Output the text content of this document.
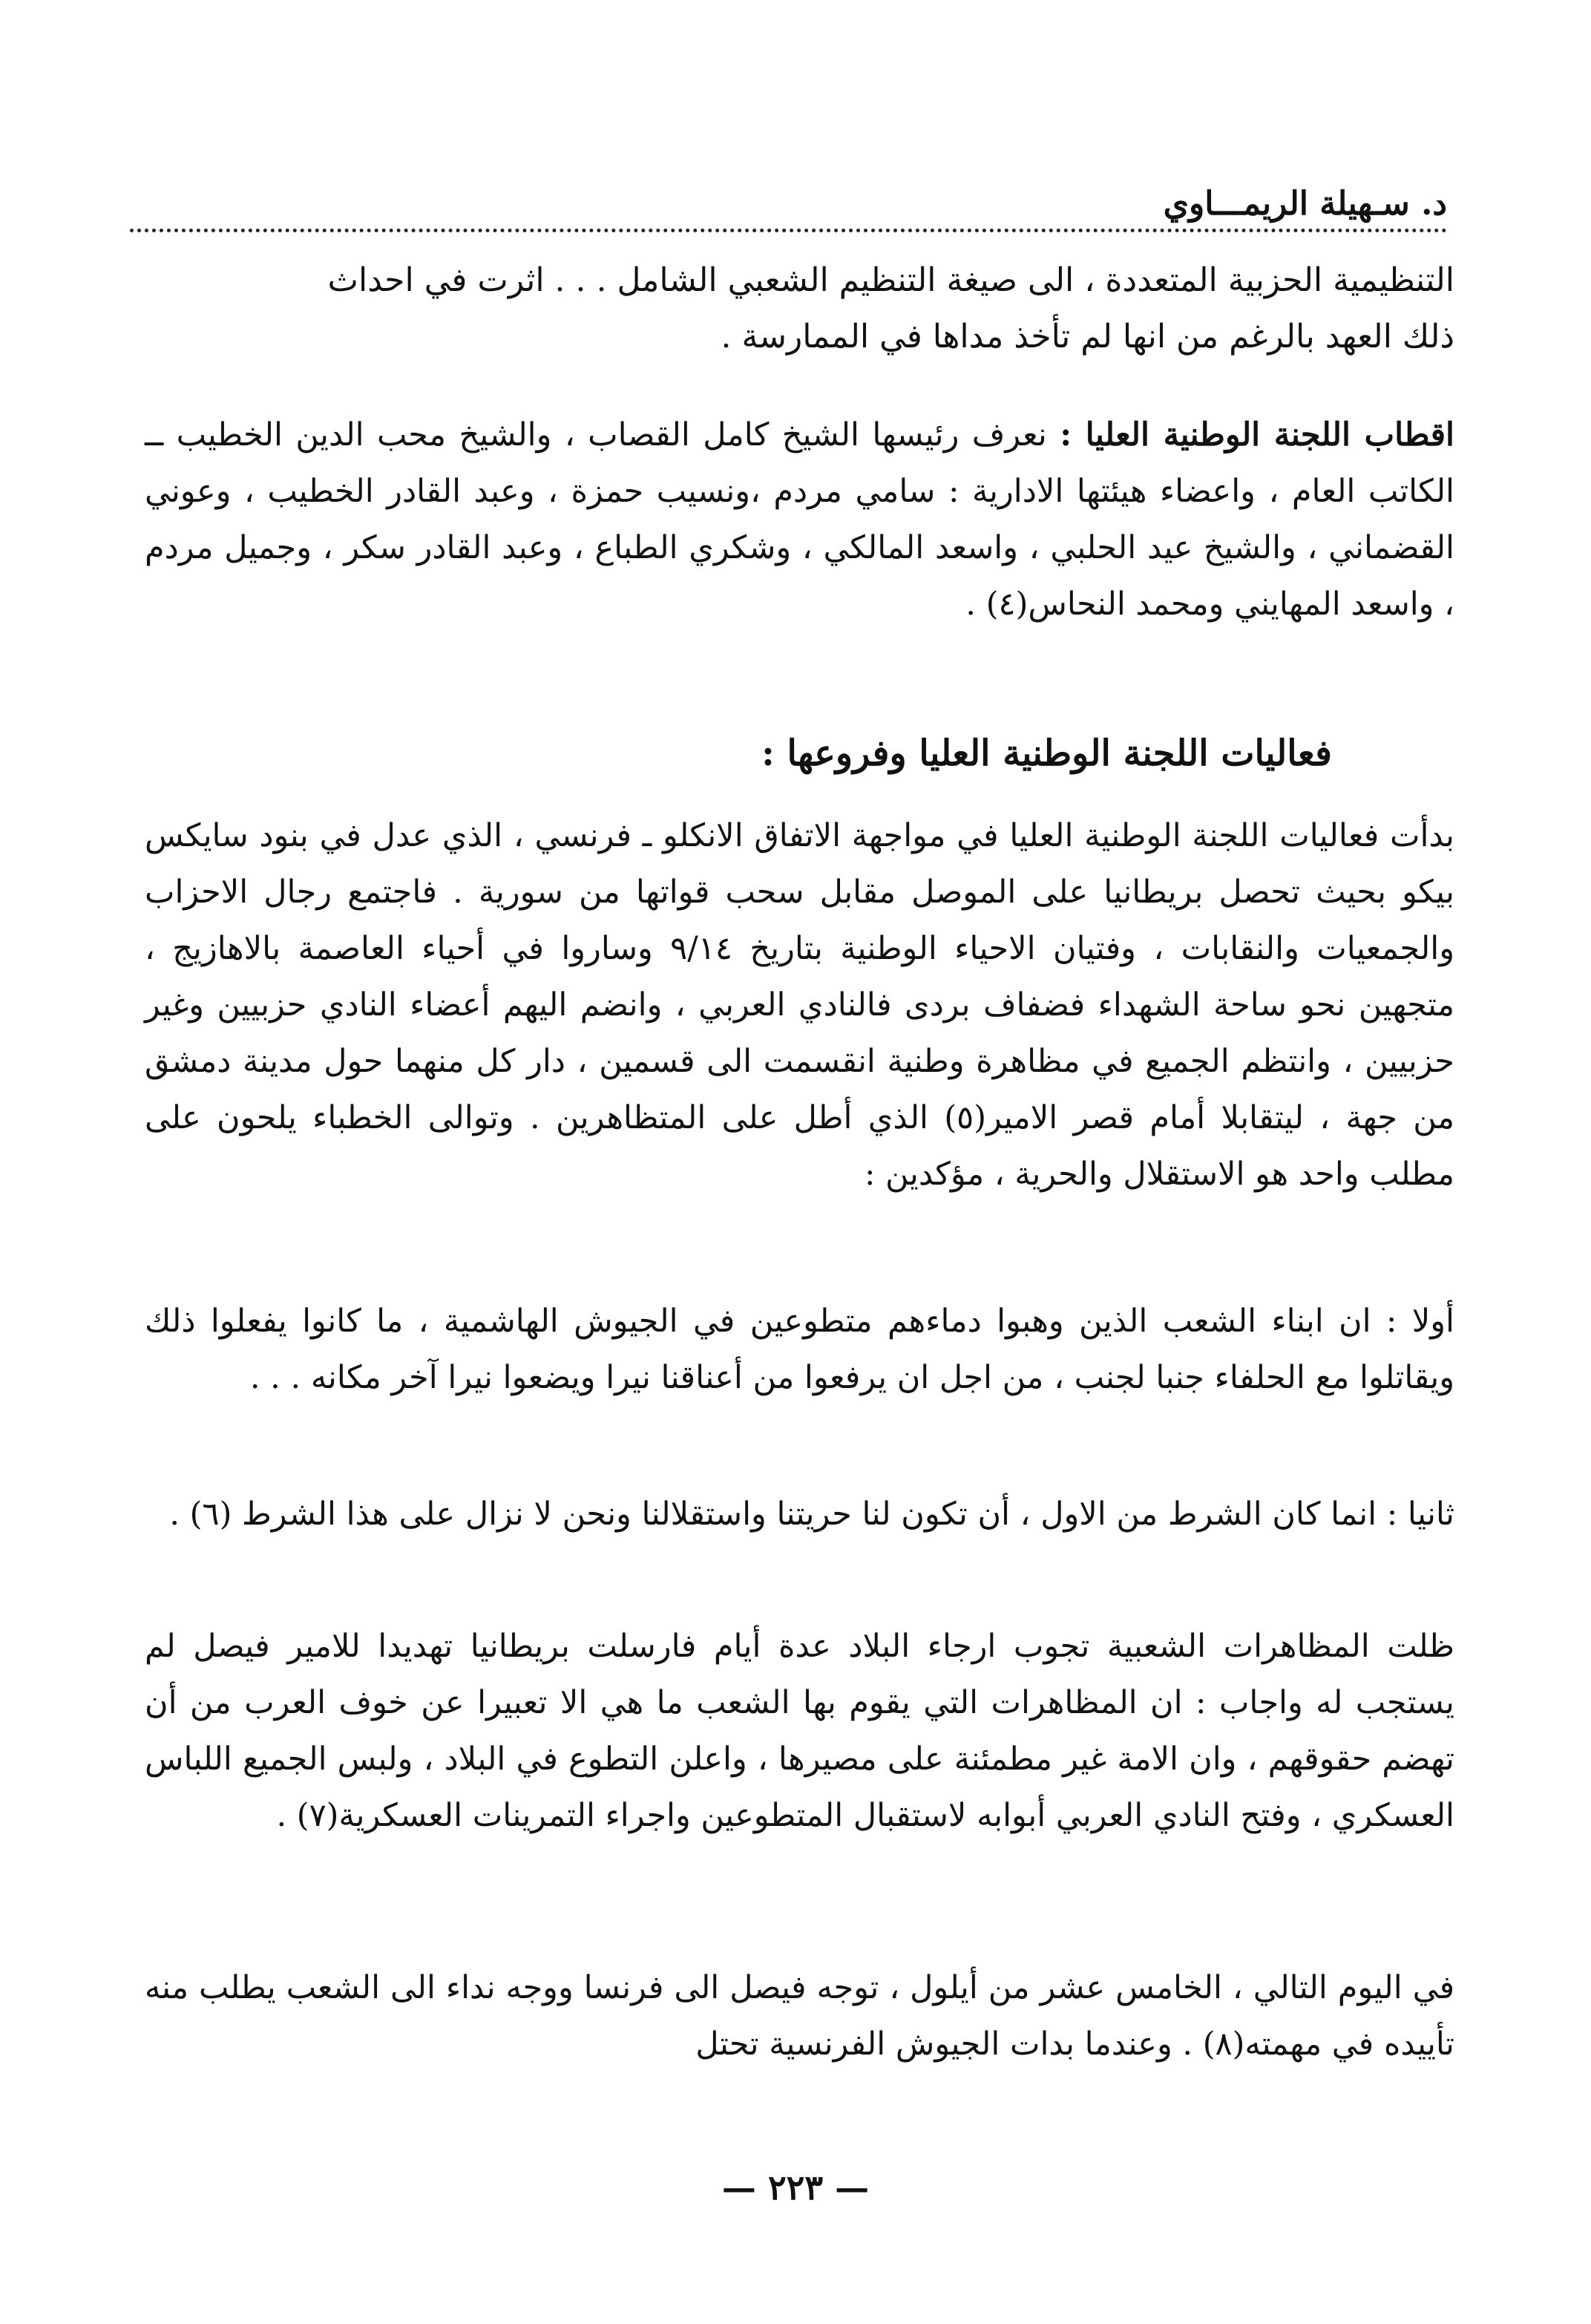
د. سـهيلة الريمـــاوي
التنظيمية الحزبية المتعددة ، الى صيغة التنظيم الشعبي الشامل . . . اثرت في احداث
ذلك العهد بالرغم من انها لم تأخذ مداها في الممارسة .

اقطاب اللجنة الوطنية العليا : نعرف رئيسها الشيخ كامل القصاب ، والشيخ محب الدين الخطيب ــ الكاتب العام ، واعضاء هيئتها الادارية : سامي مردم ،ونسيب حمزة ، وعبد القادر الخطيب ، وعوني القضماني ، والشيخ عيد الحلبي ، واسعد المالكي ، وشكري الطباع ، وعبد القادر سكر ، وجميل مردم ، واسعد المهايني ومحمد النحاس(٤) .

فعاليات اللجنة الوطنية العليا وفروعها :

بدأت فعاليات اللجنة الوطنية العليا في مواجهة الاتفاق الانكلو ـ فرنسي ، الذي عدل في بنود سايكس بيكو بحيث تحصل بريطانيا على الموصل مقابل سحب قواتها من سورية . فاجتمع رجال الاحزاب والجمعيات والنقابات ، وفتيان الاحياء الوطنية بتاريخ ٩/١٤ وساروا في أحياء العاصمة بالاهازيج ، متجهين نحو ساحة الشهداء فضفاف بردى فالنادي العربي ، وانضم اليهم أعضاء النادي حزبيين وغير حزبيين ، وانتظم الجميع في مظاهرة وطنية انقسمت الى قسمين ، دار كل منهما حول مدينة دمشق من جهة ، ليتقابلا أمام قصر الامير(٥) الذي أطل على المتظاهرين . وتوالى الخطباء يلحون على مطلب واحد هو الاستقلال والحرية ، مؤكدين :

أولا : ان ابناء الشعب الذين وهبوا دماءهم متطوعين في الجيوش الهاشمية ، ما كانوا يفعلوا ذلك ويقاتلوا مع الحلفاء جنبا لجنب ، من اجل ان يرفعوا من أعناقنا نيرا ويضعوا نيرا آخر مكانه . . .

ثانيا : انما كان الشرط من الاول ، أن تكون لنا حريتنا واستقلالنا ونحن لا نزال على هذا الشرط (٦) .

ظلت المظاهرات الشعبية تجوب ارجاء البلاد عدة أيام فارسلت بريطانيا تهديدا للامير فيصل لم يستجب له واجاب : ان المظاهرات التي يقوم بها الشعب ما هي الا تعبيرا عن خوف العرب من أن تهضم حقوقهم ، وان الامة غير مطمئنة على مصيرها ، واعلن التطوع في البلاد ، ولبس الجميع اللباس العسكري ، وفتح النادي العربي أبوابه لاستقبال المتطوعين واجراء التمرينات العسكرية(٧) .

في اليوم التالي ، الخامس عشر من أيلول ، توجه فيصل الى فرنسا ووجه نداء الى الشعب يطلب منه تأييده في مهمته(٨) . وعندما بدات الجيوش الفرنسية تحتل

— ٢٢٣ —
